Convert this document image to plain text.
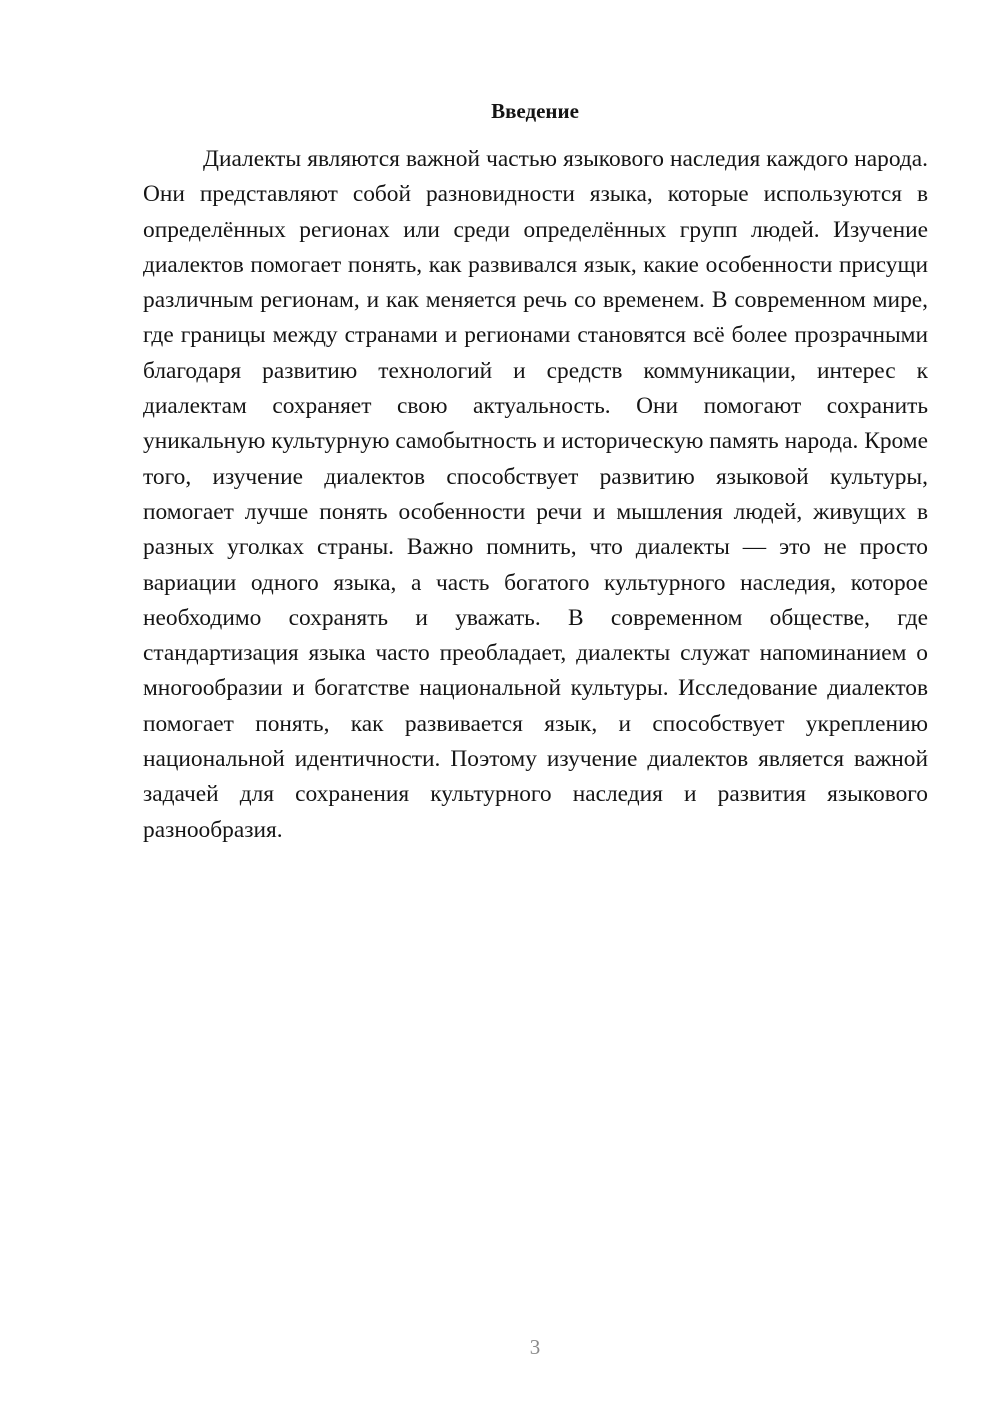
Введение

Диалекты являются важной частью языкового наследия каждого народа. Они представляют собой разновидности языка, которые используются в определённых регионах или среди определённых групп людей. Изучение диалектов помогает понять, как развивался язык, какие особенности присущи различным регионам, и как меняется речь со временем. В современном мире, где границы между странами и регионами становятся всё более прозрачными благодаря развитию технологий и средств коммуникации, интерес к диалектам сохраняет свою актуальность. Они помогают сохранить уникальную культурную самобытность и историческую память народа. Кроме того, изучение диалектов способствует развитию языковой культуры, помогает лучше понять особенности речи и мышления людей, живущих в разных уголках страны. Важно помнить, что диалекты — это не просто вариации одного языка, а часть богатого культурного наследия, которое необходимо сохранять и уважать. В современном обществе, где стандартизация языка часто преобладает, диалекты служат напоминанием о многообразии и богатстве национальной культуры. Исследование диалектов помогает понять, как развивается язык, и способствует укреплению национальной идентичности. Поэтому изучение диалектов является важной задачей для сохранения культурного наследия и развития языкового разнообразия.

3
